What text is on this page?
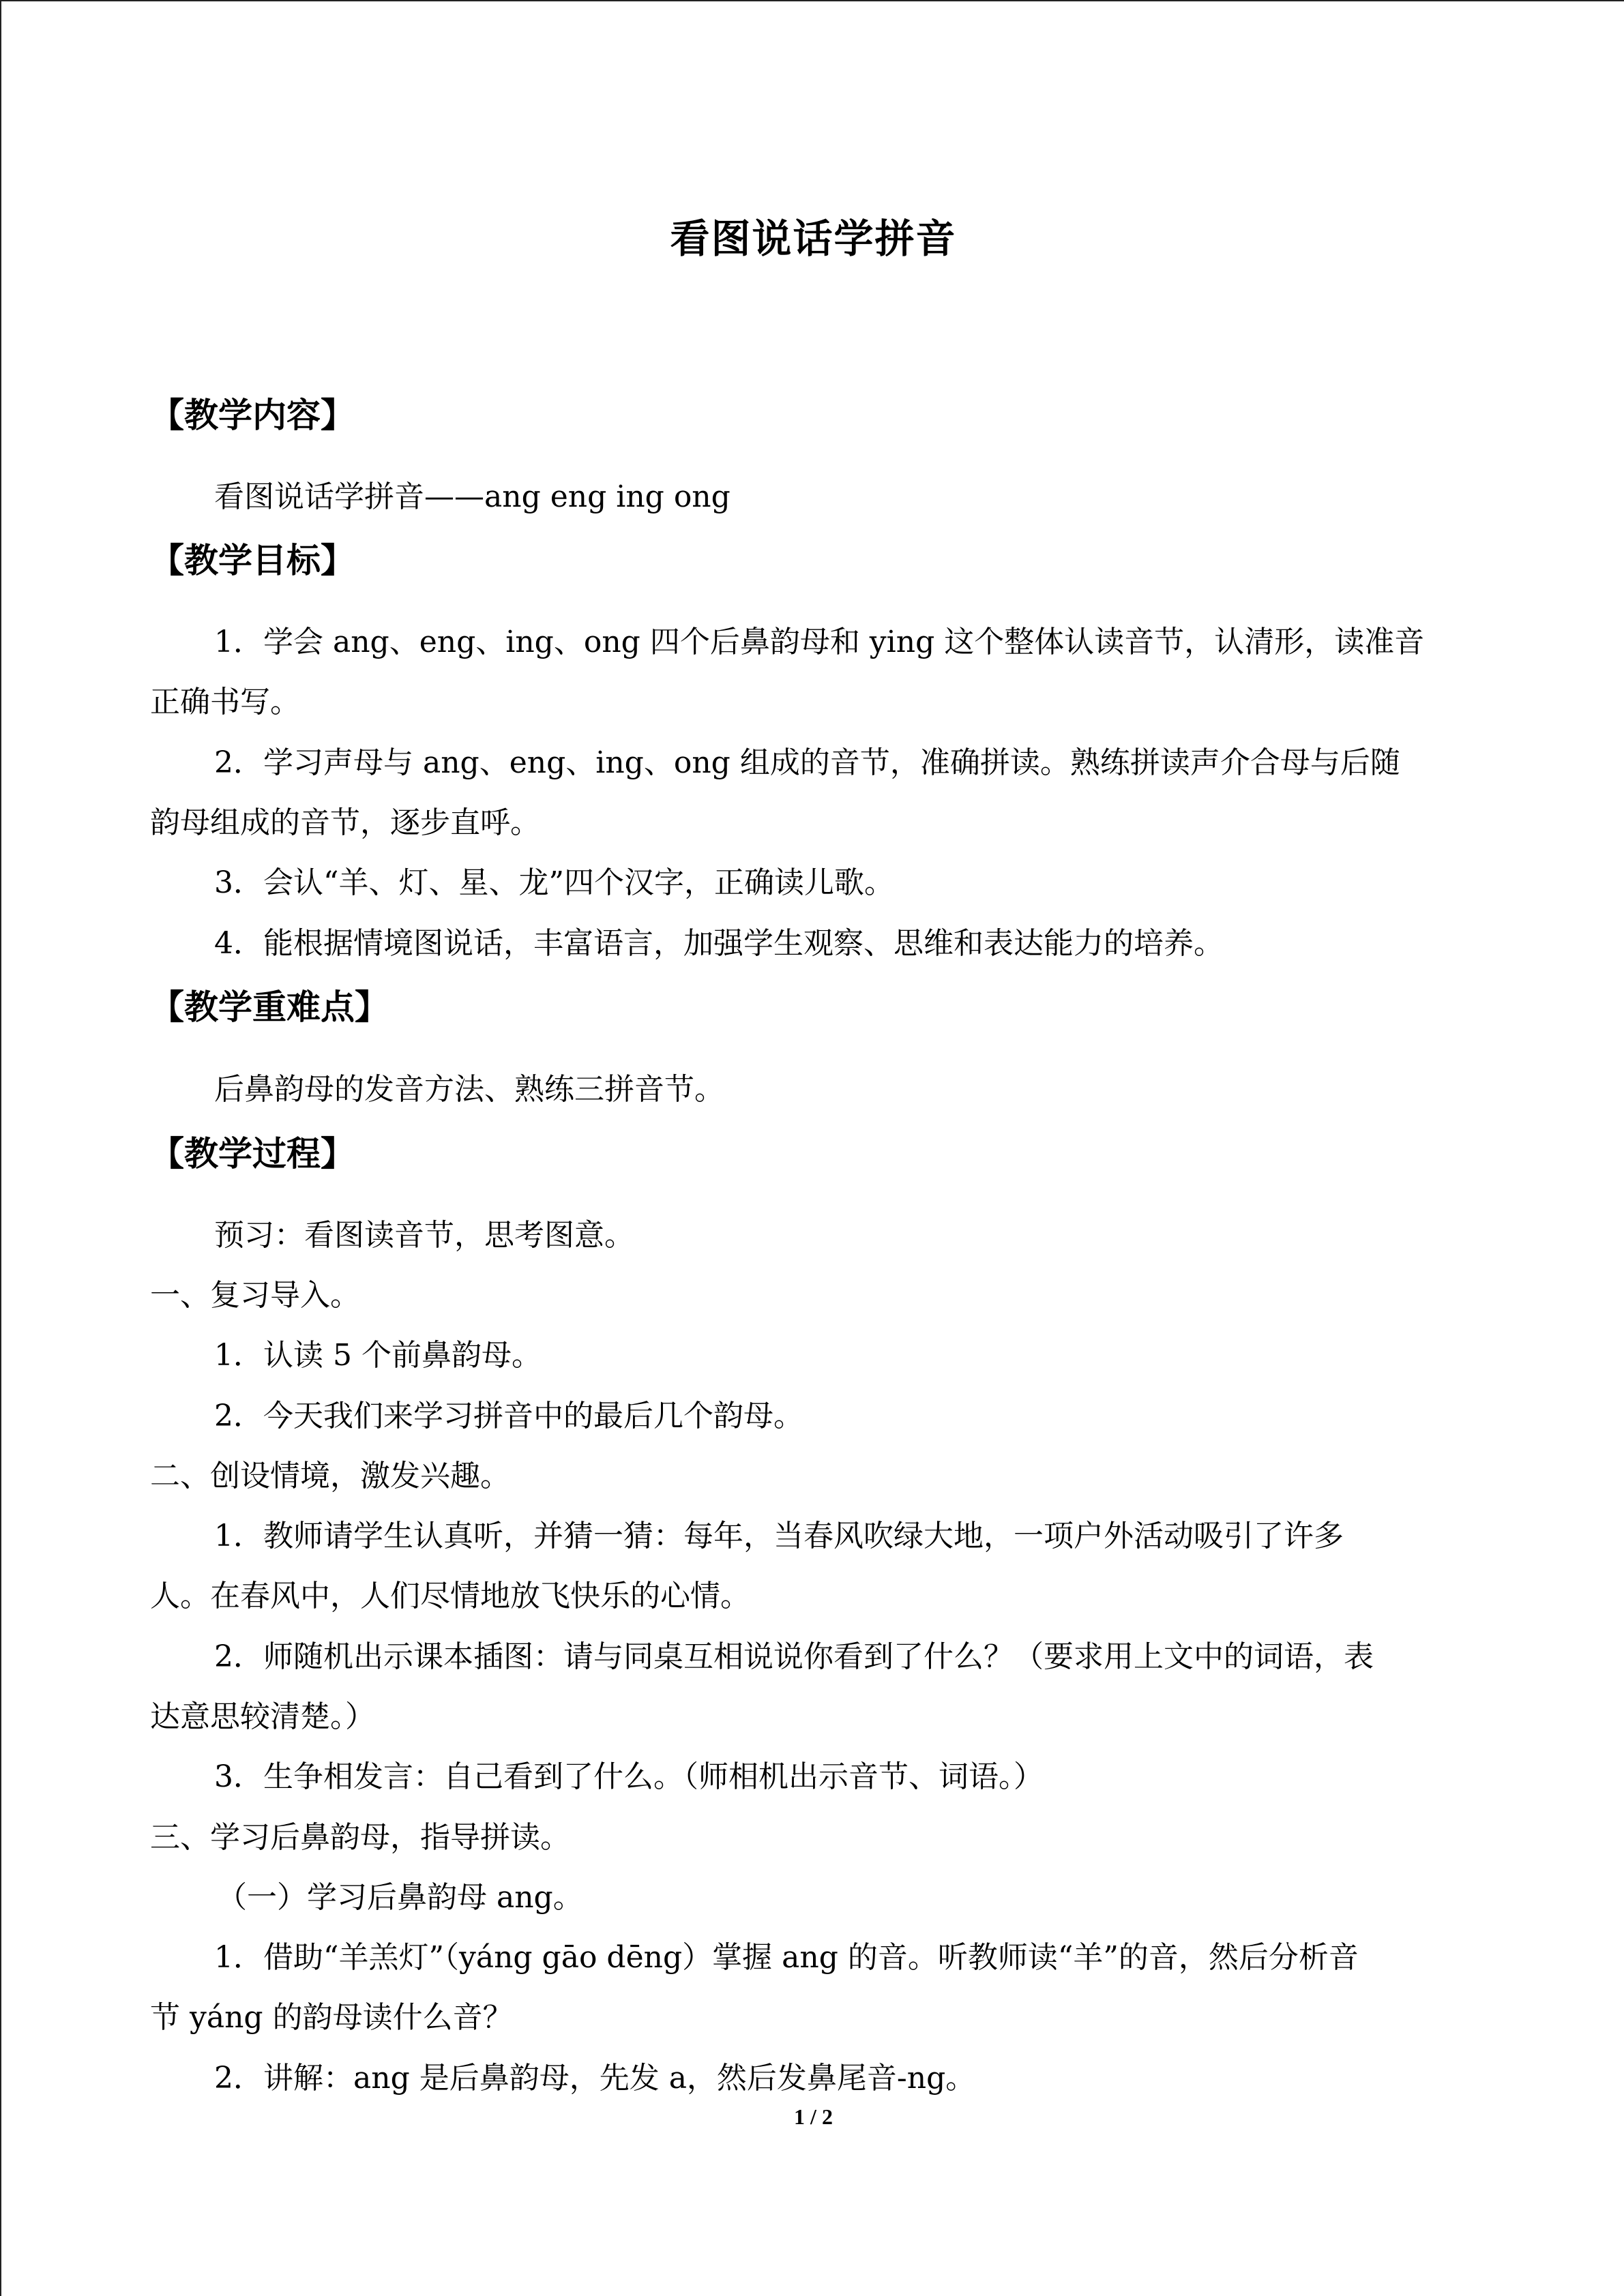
看图说话学拼音
【教学内容】
看图说话学拼音——ang eng ing ong
【教学目标】
1．学会 ang、eng、ing、ong 四个后鼻韵母和 ying 这个整体认读音节，认清形，读准音
正确书写。
2．学习声母与 ang、eng、ing、ong 组成的音节，准确拼读。熟练拼读声介合母与后随
韵母组成的音节，逐步直呼。
3．会认“羊、灯、星、龙”四个汉字，正确读儿歌。
4．能根据情境图说话，丰富语言，加强学生观察、思维和表达能力的培养。
【教学重难点】
后鼻韵母的发音方法、熟练三拼音节。
【教学过程】
预习：看图读音节，思考图意。
一、复习导入。
1．认读 5 个前鼻韵母。
2．今天我们来学习拼音中的最后几个韵母。
二、创设情境，激发兴趣。
1．教师请学生认真听，并猜一猜：每年，当春风吹绿大地，一项户外活动吸引了许多
人。在春风中，人们尽情地放飞快乐的心情。
2．师随机出示课本插图：请与同桌互相说说你看到了什么？（要求用上文中的词语，表
达意思较清楚。）
3．生争相发言：自己看到了什么。（师相机出示音节、词语。）
三、学习后鼻韵母，指导拼读。
（一）学习后鼻韵母 ang。
1．借助“羊羔灯”（yáng gāo dēng）掌握 ang 的音。听教师读“羊”的音，然后分析音
节 yáng 的韵母读什么音？
2．讲解：ang 是后鼻韵母，先发 a，然后发鼻尾音-ng。
1 / 2
